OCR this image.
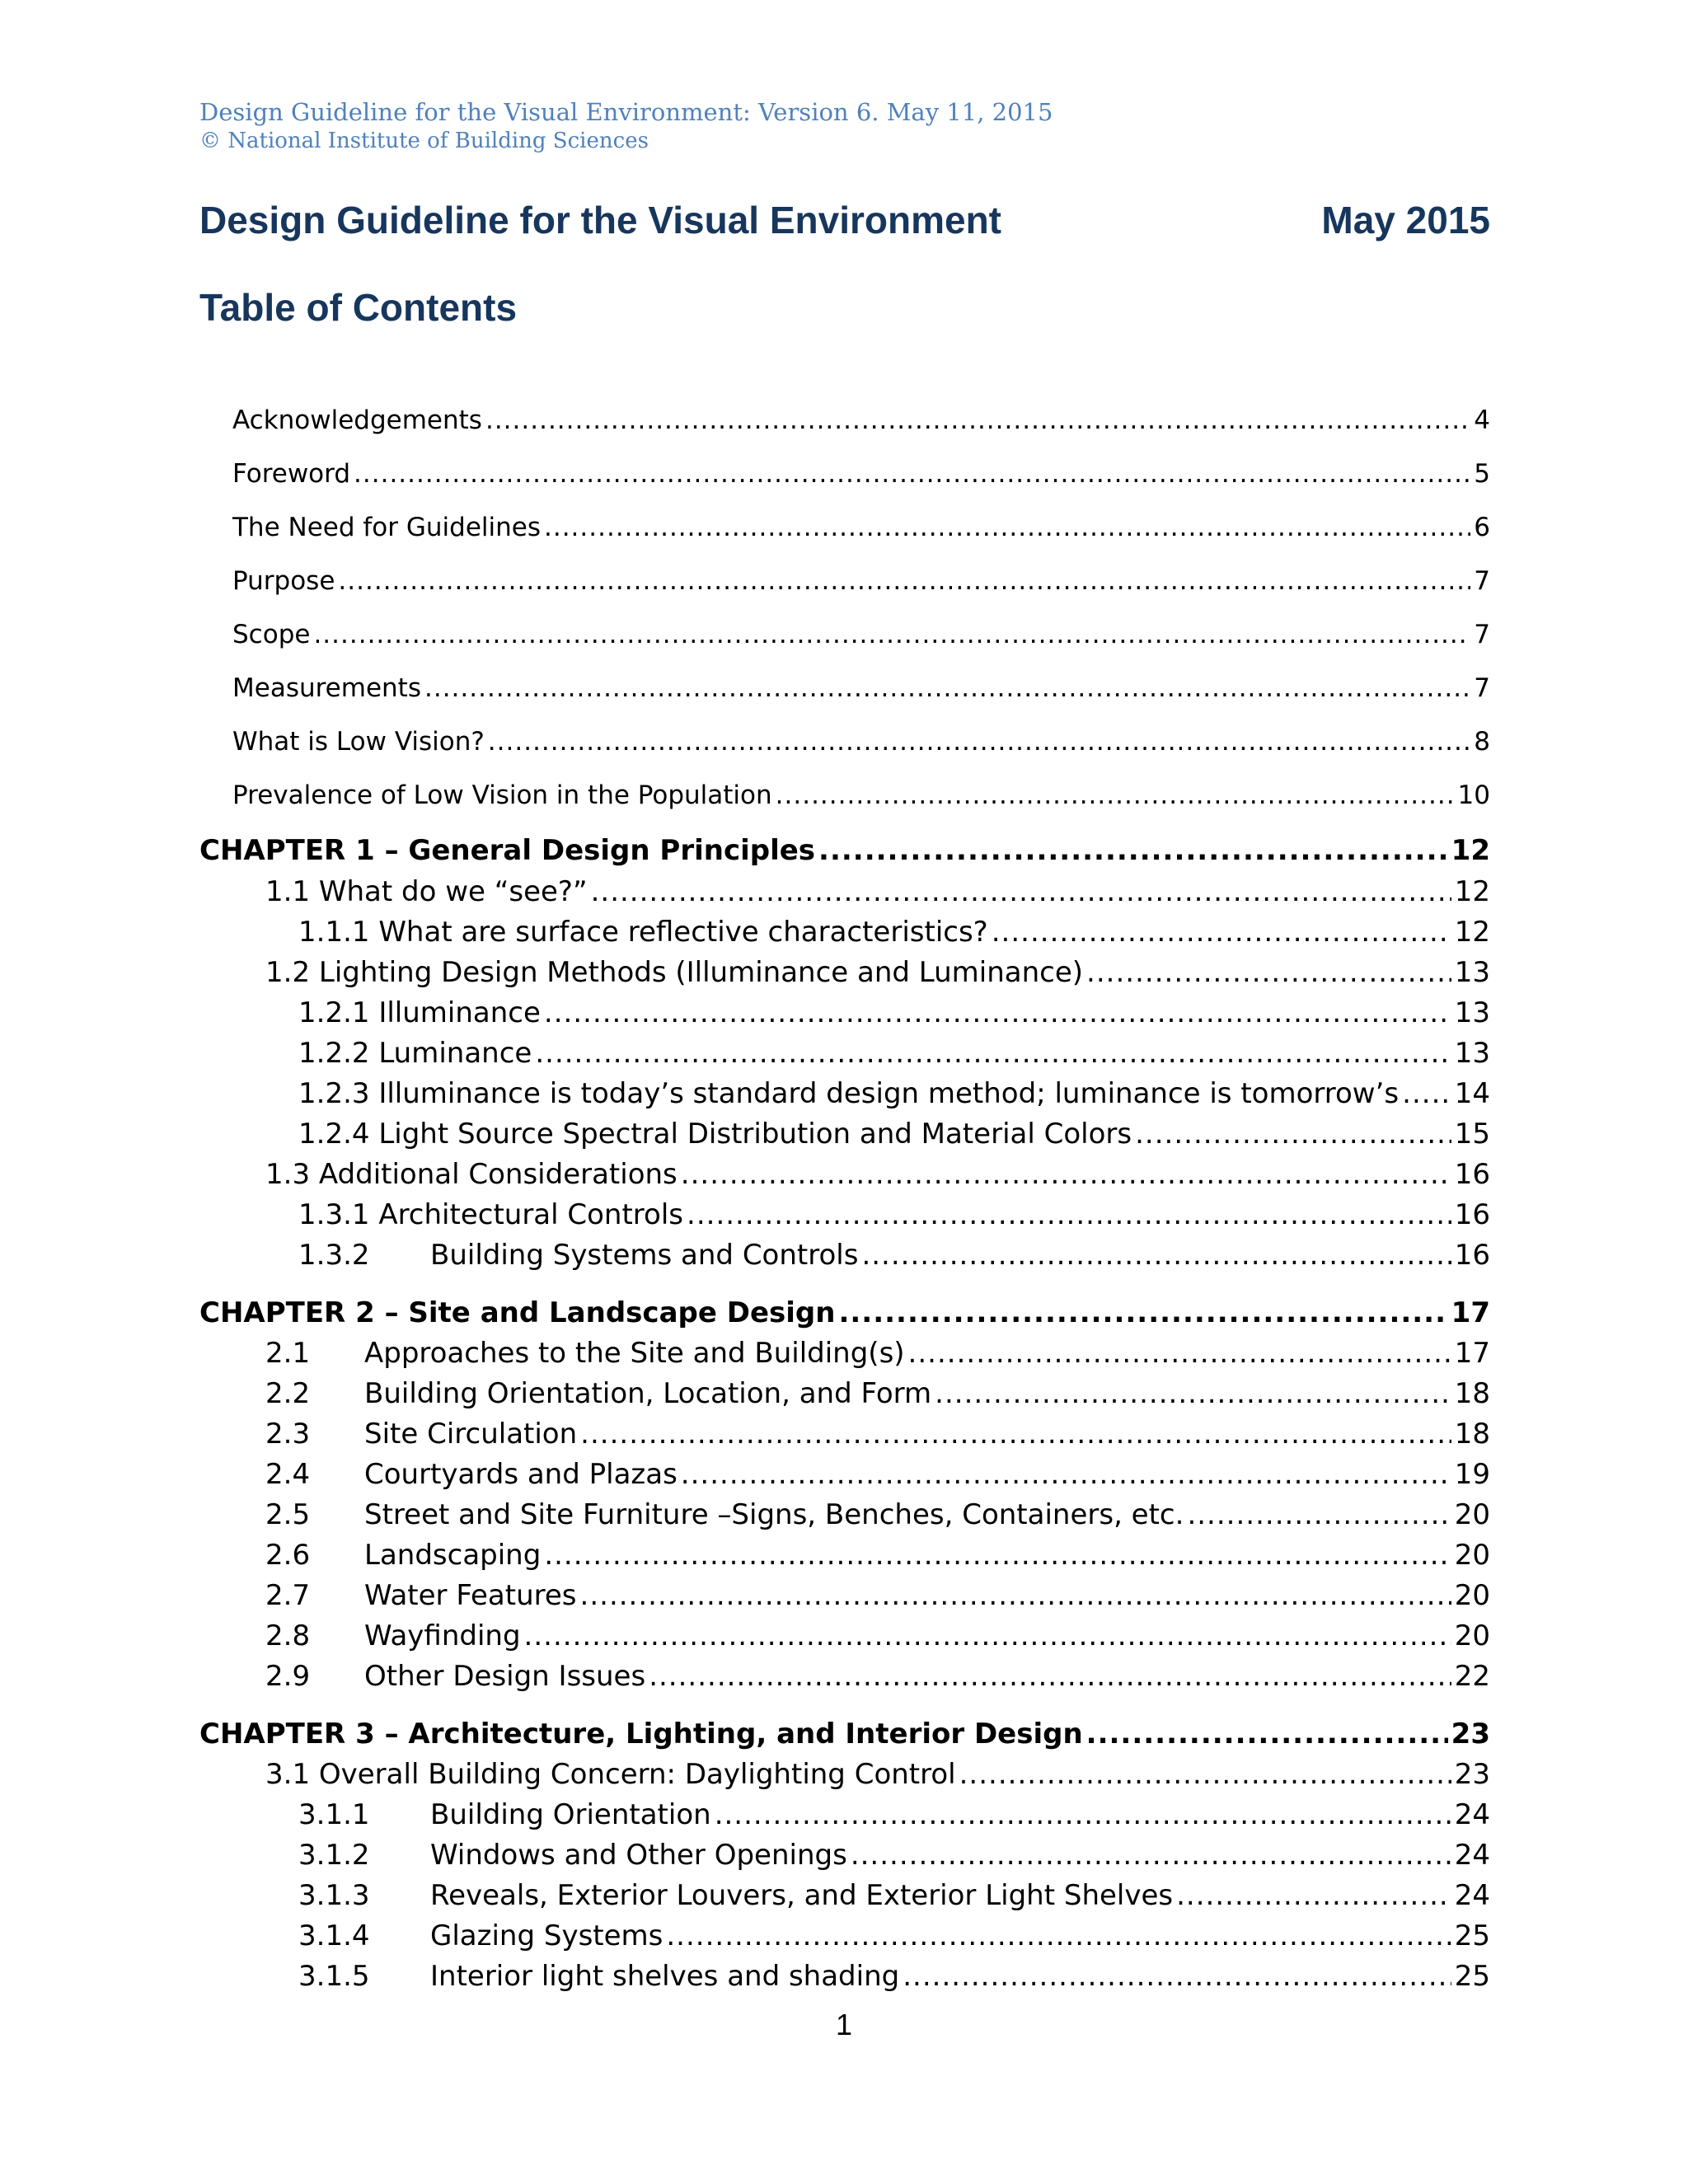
Design Guideline for the Visual Environment: Version 6. May 11, 2015
© National Institute of Building Sciences
Design Guideline for the Visual Environment	May 2015
Table of Contents
Acknowledgements .....	4
Foreword .....	5
The Need for Guidelines .....	6
Purpose .....	7
Scope .....	7
Measurements .....	7
What is Low Vision? .....	8
Prevalence of Low Vision in the Population .....	10
CHAPTER 1 – General Design Principles .....	12
1.1 What do we “see?” .....	12
1.1.1 What are surface reflective characteristics? .....	12
1.2 Lighting Design Methods (Illuminance and Luminance) .....	13
1.2.1 Illuminance .....	13
1.2.2 Luminance .....	13
1.2.3 Illuminance is today’s standard design method; luminance is tomorrow’s ..... 14
1.2.4 Light Source Spectral Distribution and Material Colors .....	15
1.3 Additional Considerations .....	16
1.3.1 Architectural Controls .....	16
1.3.2	Building Systems and Controls .....	16
CHAPTER 2 – Site and Landscape Design .....	17
2.1	Approaches to the Site and Building(s) .....	17
2.2	Building Orientation, Location, and Form .....	18
2.3	Site Circulation .....	18
2.4	Courtyards and Plazas .....	19
2.5	Street and Site Furniture –Signs, Benches, Containers, etc. .....	20
2.6	Landscaping .....	20
2.7	Water Features .....	20
2.8	Wayfinding .....	20
2.9	Other Design Issues .....	22
CHAPTER 3 – Architecture, Lighting, and Interior Design .....	23
3.1 Overall Building Concern: Daylighting Control .....	23
3.1.1	Building Orientation .....	24
3.1.2	Windows and Other Openings .....	24
3.1.3	Reveals, Exterior Louvers, and Exterior Light Shelves .....	24
3.1.4	Glazing Systems .....	25
3.1.5	Interior light shelves and shading .....	25
1
